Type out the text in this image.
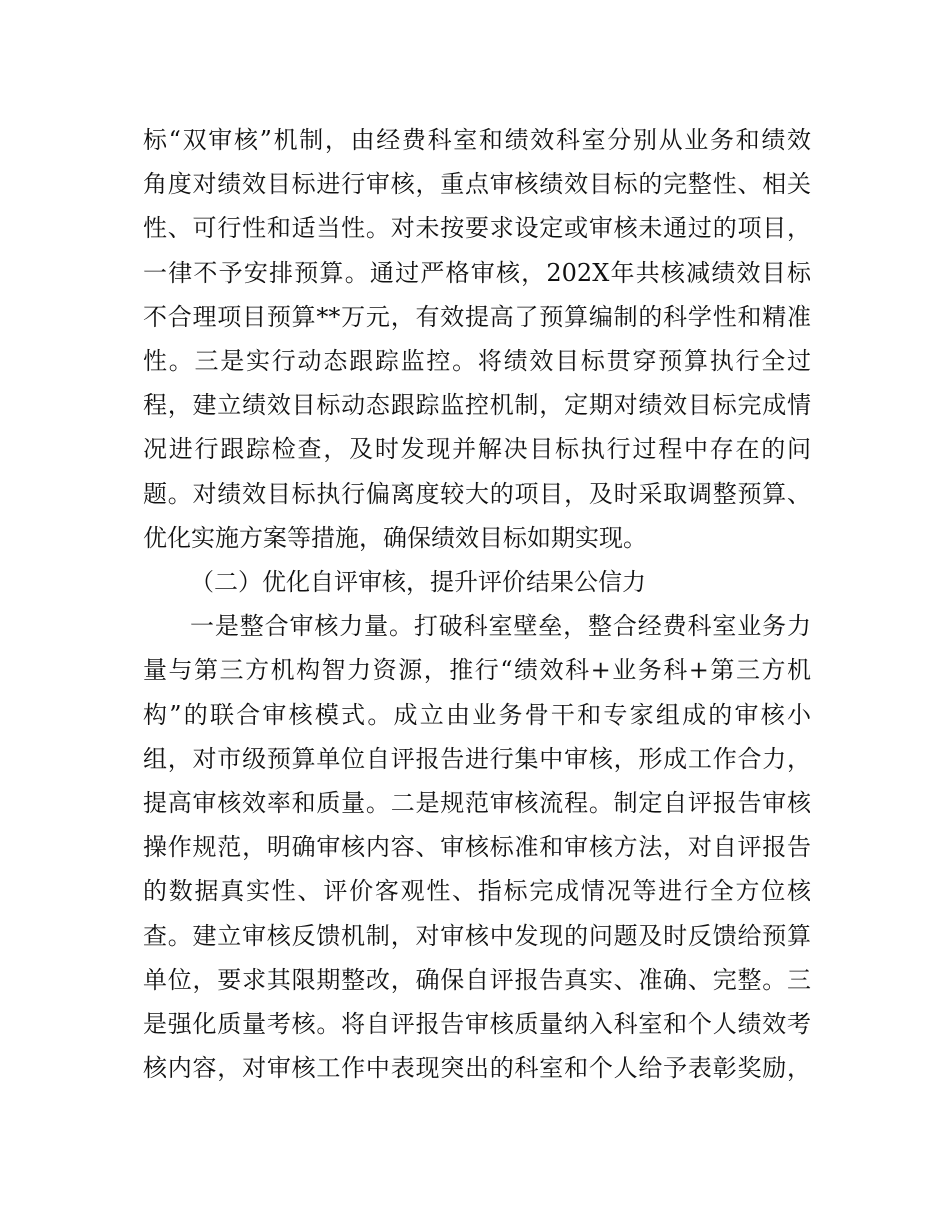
标“双审核”机制，由经费科室和绩效科室分别从业务和绩效
角度对绩效目标进行审核，重点审核绩效目标的完整性、相关
性、可行性和适当性。对未按要求设定或审核未通过的项目，
一律不予安排预算。通过严格审核，202X年共核减绩效目标
不合理项目预算**万元，有效提高了预算编制的科学性和精准
性。三是实行动态跟踪监控。将绩效目标贯穿预算执行全过
程，建立绩效目标动态跟踪监控机制，定期对绩效目标完成情
况进行跟踪检查，及时发现并解决目标执行过程中存在的问
题。对绩效目标执行偏离度较大的项目，及时采取调整预算、
优化实施方案等措施，确保绩效目标如期实现。
（二）优化自评审核，提升评价结果公信力
一是整合审核力量。打破科室壁垒，整合经费科室业务力
量与第三方机构智力资源，推行“绩效科+业务科+第三方机
构”的联合审核模式。成立由业务骨干和专家组成的审核小
组，对市级预算单位自评报告进行集中审核，形成工作合力，
提高审核效率和质量。二是规范审核流程。制定自评报告审核
操作规范，明确审核内容、审核标准和审核方法，对自评报告
的数据真实性、评价客观性、指标完成情况等进行全方位核
查。建立审核反馈机制，对审核中发现的问题及时反馈给预算
单位，要求其限期整改，确保自评报告真实、准确、完整。三
是强化质量考核。将自评报告审核质量纳入科室和个人绩效考
核内容，对审核工作中表现突出的科室和个人给予表彰奖励，
